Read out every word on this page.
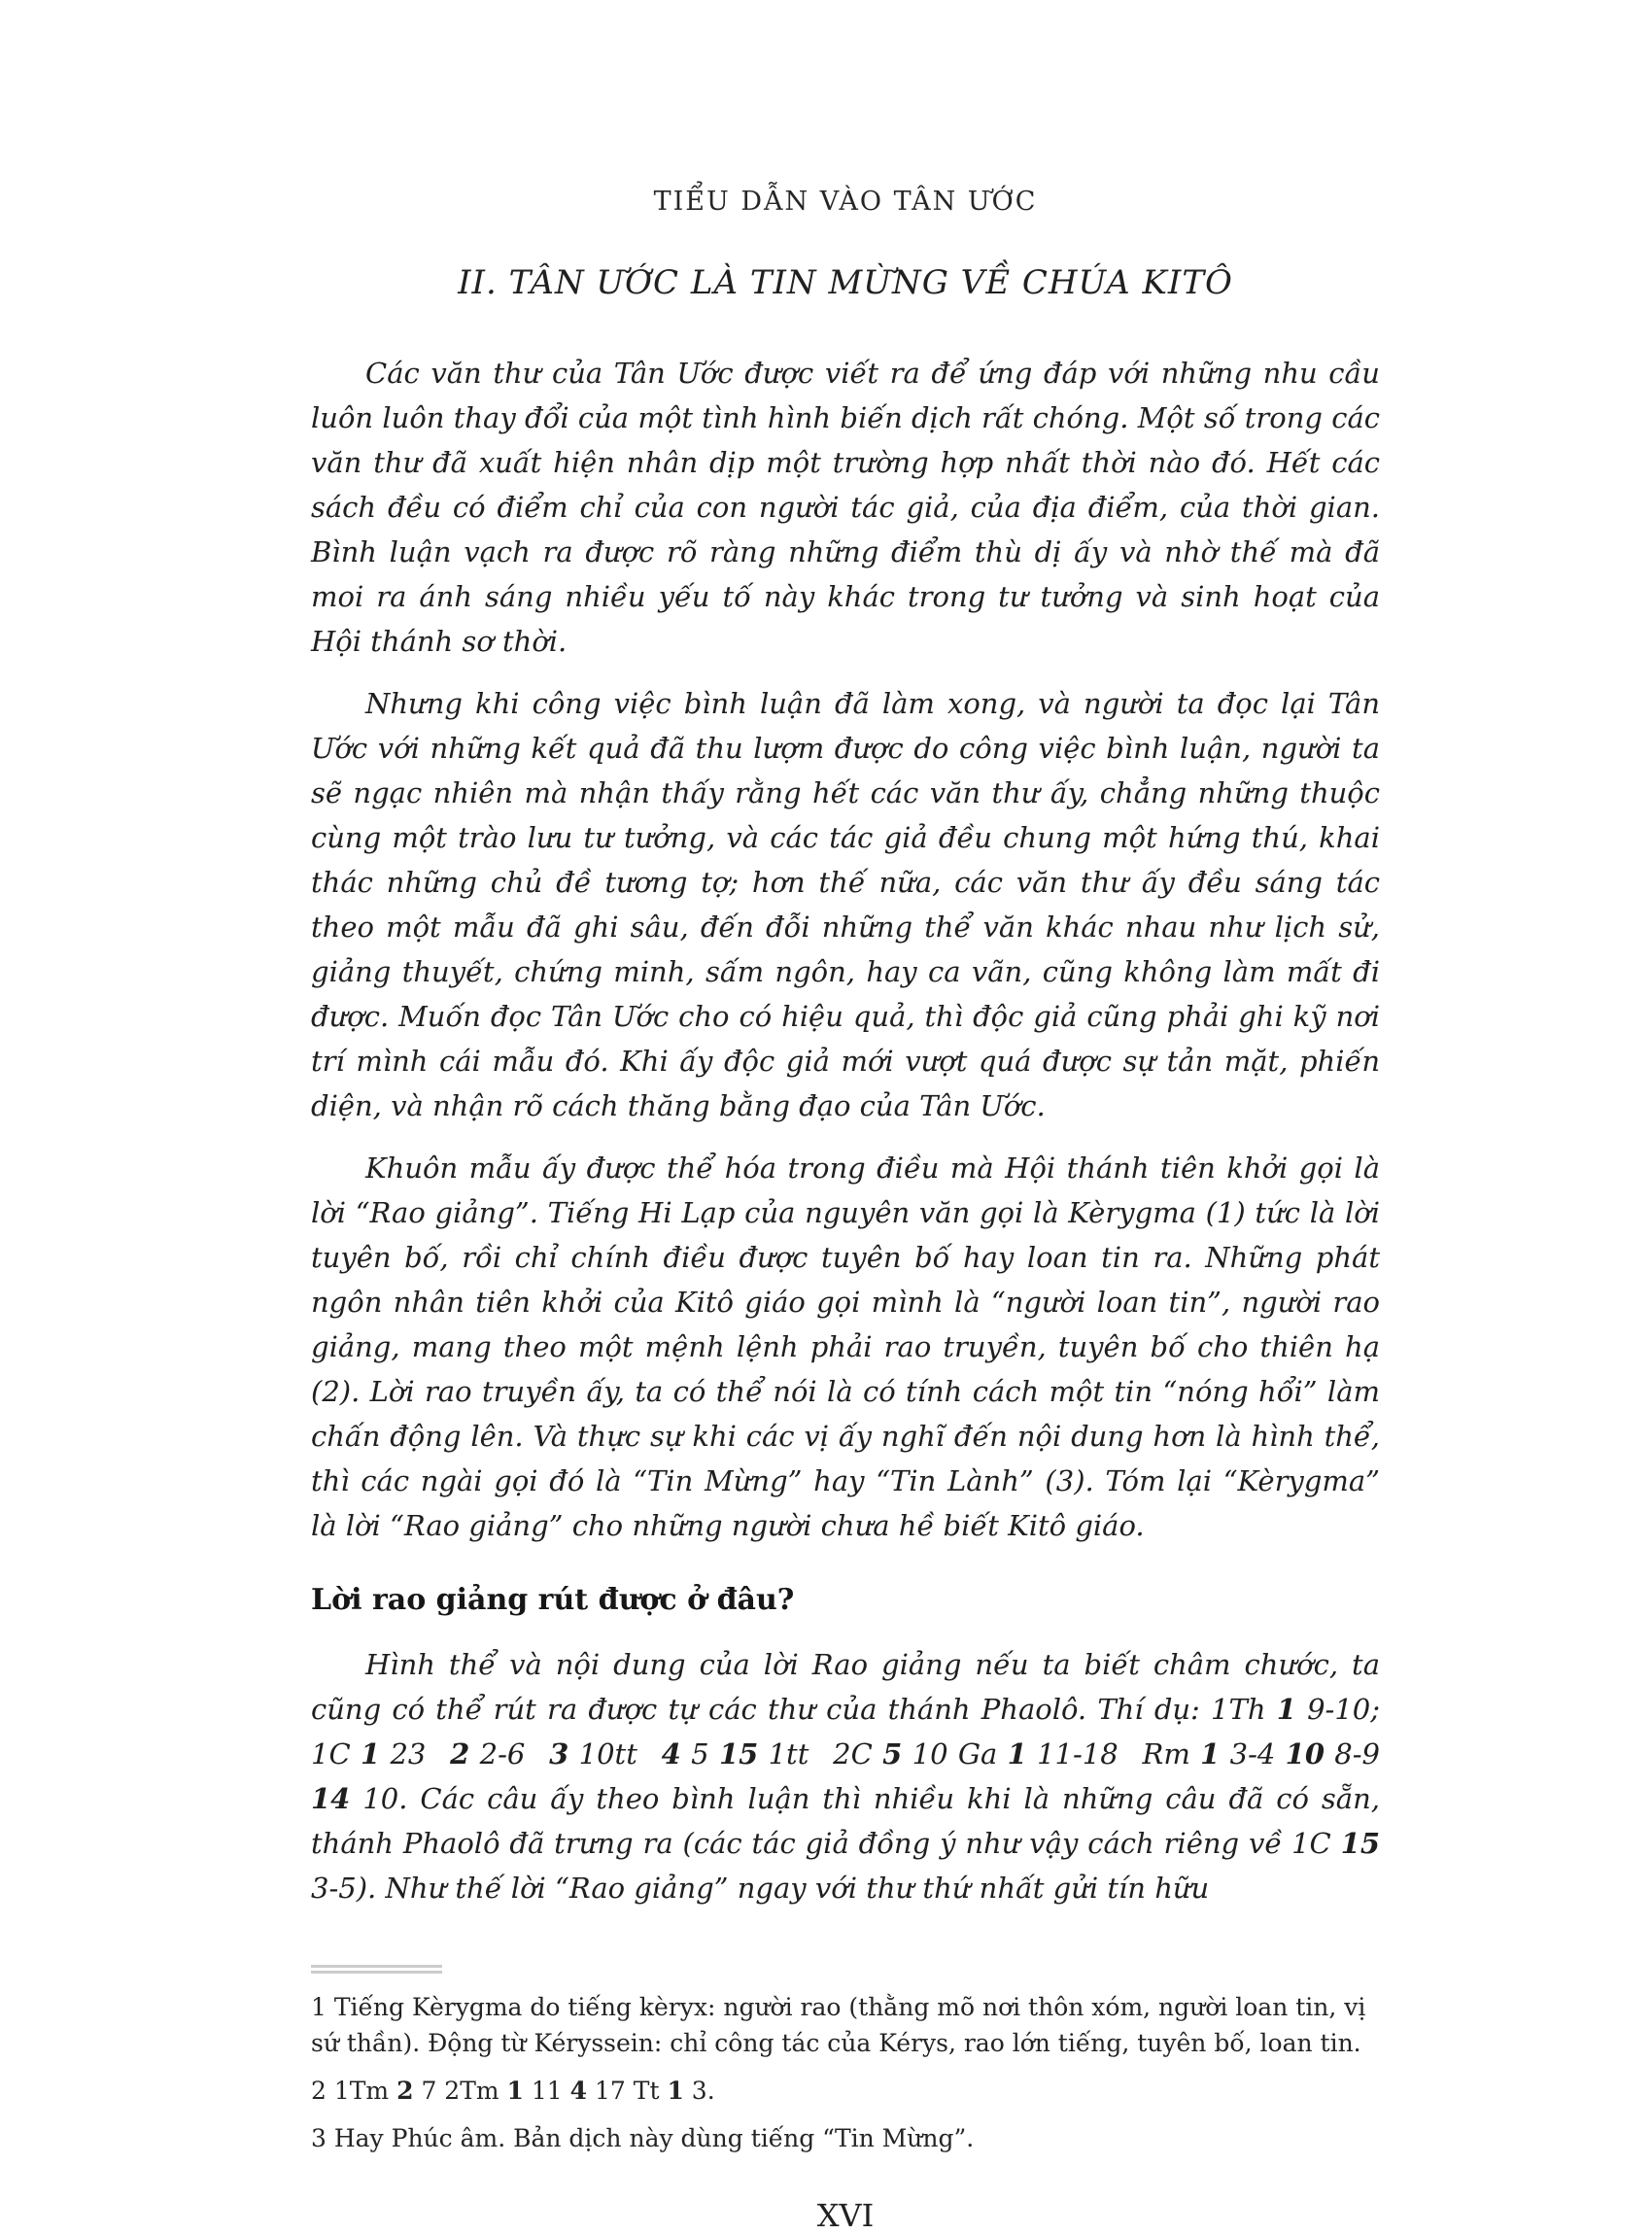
TIỂU DẪN VÀO TÂN ƯỚC
II. TÂN ƯỚC LÀ TIN MỪNG VỀ CHÚA KITÔ

Các văn thư của Tân Ước được viết ra để ứng đáp với những nhu cầu luôn luôn thay đổi của một tình hình biến dịch rất chóng. Một số trong các văn thư đã xuất hiện nhân dịp một trường hợp nhất thời nào đó. Hết các sách đều có điểm chỉ của con người tác giả, của địa điểm, của thời gian. Bình luận vạch ra được rõ ràng những điểm thù dị ấy và nhờ thế mà đã moi ra ánh sáng nhiều yếu tố này khác trong tư tưởng và sinh hoạt của Hội thánh sơ thời.

Nhưng khi công việc bình luận đã làm xong, và người ta đọc lại Tân Ước với những kết quả đã thu lượm được do công việc bình luận, người ta sẽ ngạc nhiên mà nhận thấy rằng hết các văn thư ấy, chẳng những thuộc cùng một trào lưu tư tưởng, và các tác giả đều chung một hứng thú, khai thác những chủ đề tương tợ; hơn thế nữa, các văn thư ấy đều sáng tác theo một mẫu đã ghi sâu, đến đỗi những thể văn khác nhau như lịch sử, giảng thuyết, chứng minh, sấm ngôn, hay ca vãn, cũng không làm mất đi được. Muốn đọc Tân Ước cho có hiệu quả, thì độc giả cũng phải ghi kỹ nơi trí mình cái mẫu đó. Khi ấy độc giả mới vượt quá được sự tản mặt, phiến diện, và nhận rõ cách thăng bằng đạo của Tân Ước.

Khuôn mẫu ấy được thể hóa trong điều mà Hội thánh tiên khởi gọi là lời “Rao giảng”. Tiếng Hi Lạp của nguyên văn gọi là Kèrygma (1) tức là lời tuyên bố, rồi chỉ chính điều được tuyên bố hay loan tin ra. Những phát ngôn nhân tiên khởi của Kitô giáo gọi mình là “người loan tin”, người rao giảng, mang theo một mệnh lệnh phải rao truyền, tuyên bố cho thiên hạ (2). Lời rao truyền ấy, ta có thể nói là có tính cách một tin “nóng hổi” làm chấn động lên. Và thực sự khi các vị ấy nghĩ đến nội dung hơn là hình thể, thì các ngài gọi đó là “Tin Mừng” hay “Tin Lành” (3). Tóm lại “Kèrygma” là lời “Rao giảng” cho những người chưa hề biết Kitô giáo.

Lời rao giảng rút được ở đâu?

Hình thể và nội dung của lời Rao giảng nếu ta biết châm chước, ta cũng có thể rút ra được tự các thư của thánh Phaolô. Thí dụ: 1Th 1 9-10; 1C 1 23  2 2-6  3 10tt  4 5 15 1tt  2C 5 10 Ga 1 11-18  Rm 1 3-4 10 8-9 14 10. Các câu ấy theo bình luận thì nhiều khi là những câu đã có sẵn, thánh Phaolô đã trưng ra (các tác giả đồng ý như vậy cách riêng về 1C 15 3-5). Như thế lời “Rao giảng” ngay với thư thứ nhất gửi tín hữu

1 Tiếng Kèrygma do tiếng kèryx: người rao (thằng mõ nơi thôn xóm, người loan tin, vị sứ thần). Động từ Kéryssein: chỉ công tác của Kérys, rao lớn tiếng, tuyên bố, loan tin.

2 1Tm 2 7 2Tm 1 11 4 17 Tt 1 3.

3 Hay Phúc âm. Bản dịch này dùng tiếng “Tin Mừng”.

XVI
